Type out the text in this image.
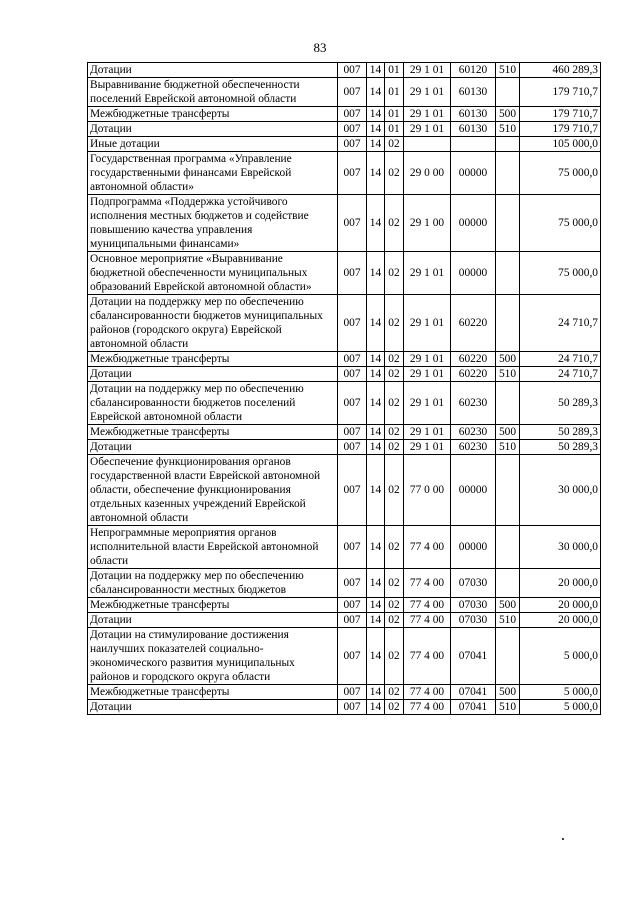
83
Дотации	007	14	01	29 1 01	60120	510	460 289,3
Выравнивание бюджетной обеспеченности поселений Еврейской автономной области	007	14	01	29 1 01	60130		179 710,7
Межбюджетные трансферты	007	14	01	29 1 01	60130	500	179 710,7
Дотации	007	14	01	29 1 01	60130	510	179 710,7
Иные дотации	007	14	02				105 000,0
Государственная программа «Управление государственными финансами Еврейской автономной области»	007	14	02	29 0 00	00000		75 000,0
Подпрограмма «Поддержка устойчивого исполнения местных бюджетов и содействие повышению качества управления муниципальными финансами»	007	14	02	29 1 00	00000		75 000,0
Основное мероприятие «Выравнивание бюджетной обеспеченности муниципальных образований Еврейской автономной области»	007	14	02	29 1 01	00000		75 000,0
Дотации на поддержку мер по обеспечению сбалансированности бюджетов муниципальных районов (городского округа) Еврейской автономной области	007	14	02	29 1 01	60220		24 710,7
Межбюджетные трансферты	007	14	02	29 1 01	60220	500	24 710,7
Дотации	007	14	02	29 1 01	60220	510	24 710,7
Дотации на поддержку мер по обеспечению сбалансированности бюджетов поселений Еврейской автономной области	007	14	02	29 1 01	60230		50 289,3
Межбюджетные трансферты	007	14	02	29 1 01	60230	500	50 289,3
Дотации	007	14	02	29 1 01	60230	510	50 289,3
Обеспечение функционирования органов государственной власти Еврейской автономной области, обеспечение функционирования отдельных казенных учреждений Еврейской автономной области	007	14	02	77 0 00	00000		30 000,0
Непрограммные мероприятия органов исполнительной власти Еврейской автономной области	007	14	02	77 4 00	00000		30 000,0
Дотации на поддержку мер по обеспечению сбалансированности местных бюджетов	007	14	02	77 4 00	07030		20 000,0
Межбюджетные трансферты	007	14	02	77 4 00	07030	500	20 000,0
Дотации	007	14	02	77 4 00	07030	510	20 000,0
Дотации на стимулирование достижения наилучших показателей социально-экономического развития муниципальных районов и городского округа области	007	14	02	77 4 00	07041		5 000,0
Межбюджетные трансферты	007	14	02	77 4 00	07041	500	5 000,0
Дотации	007	14	02	77 4 00	07041	510	5 000,0
